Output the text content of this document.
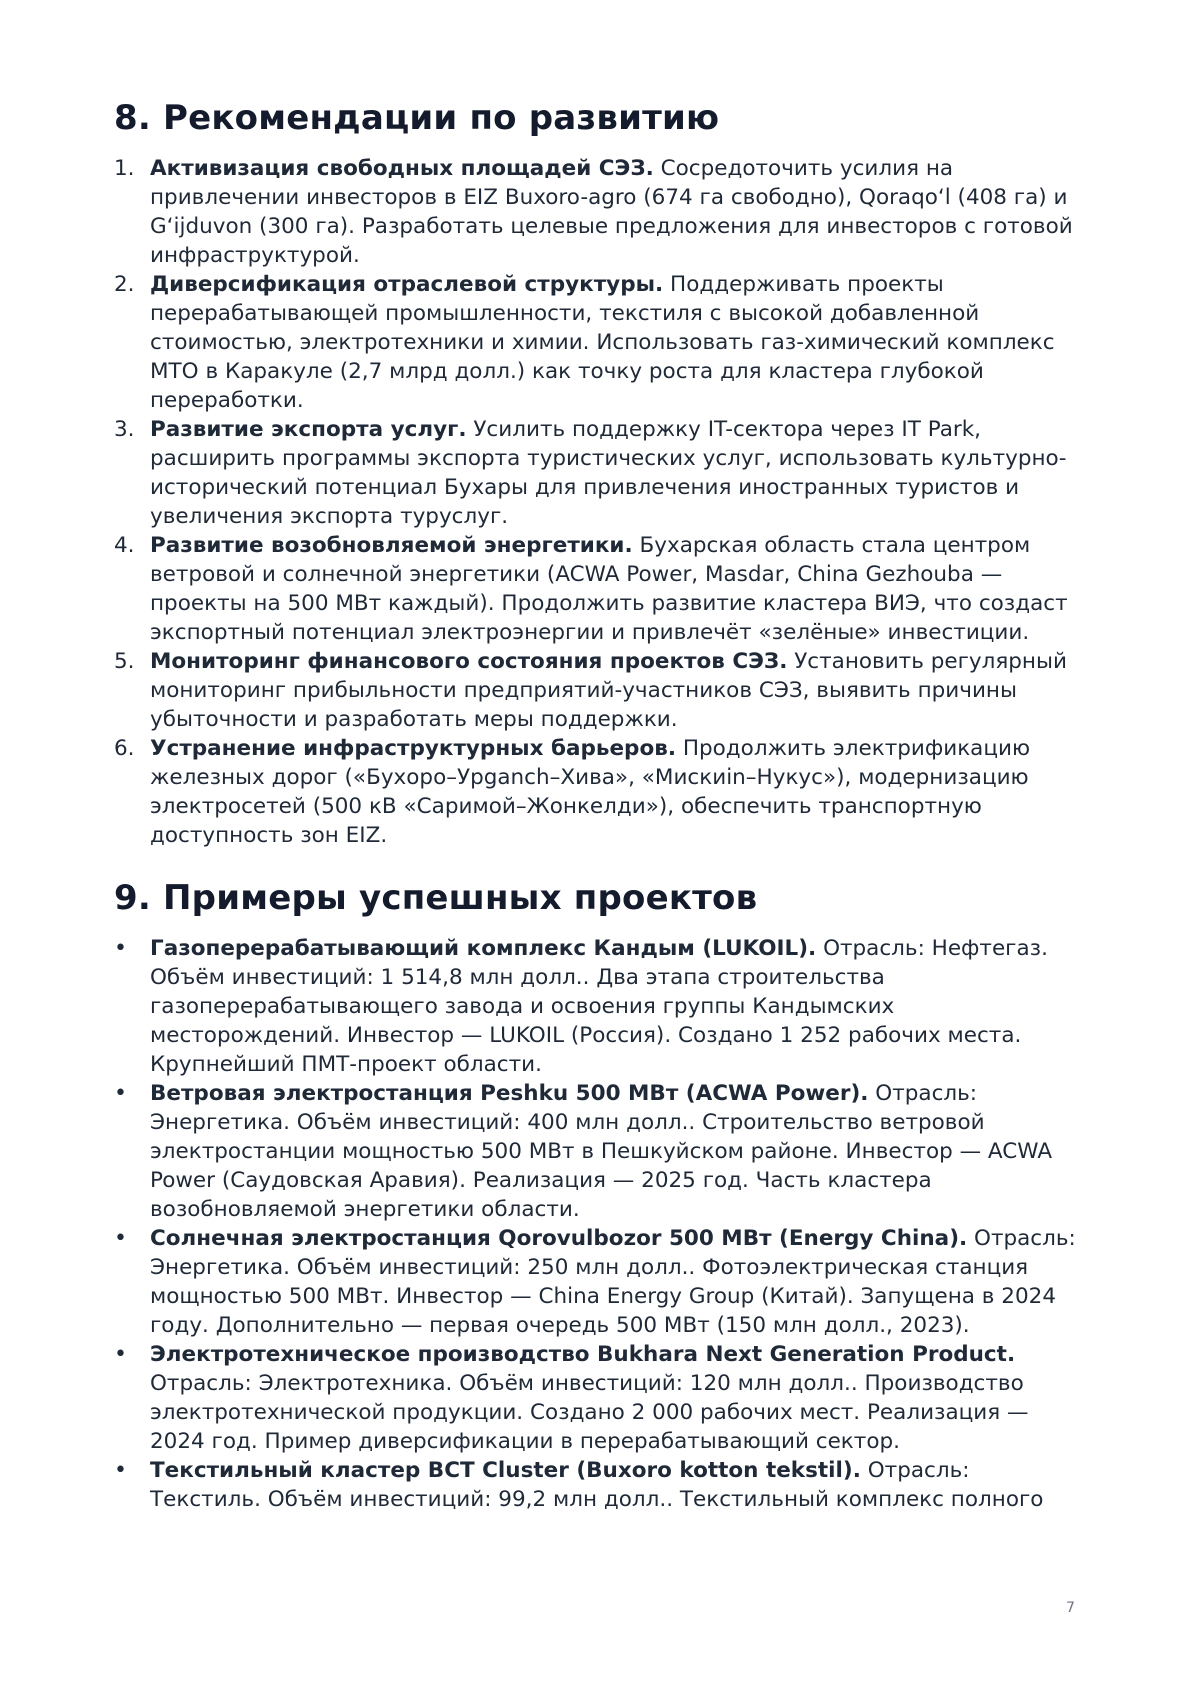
8. Рекомендации по развитию
1. Активизация свободных площадей СЭЗ. Сосредоточить усилия на привлечении инвесторов в EIZ Buxoro-agro (674 га свободно), Qoraqo‘l (408 га) и G‘ijduvon (300 га). Разработать целевые предложения для инвесторов с готовой инфраструктурой.
2. Диверсификация отраслевой структуры. Поддерживать проекты перерабатывающей промышленности, текстиля с высокой добавленной стоимостью, электротехники и химии. Использовать газ-химический комплекс МТО в Каракуле (2,7 млрд долл.) как точку роста для кластера глубокой переработки.
3. Развитие экспорта услуг. Усилить поддержку IT-сектора через IT Park, расширить программы экспорта туристических услуг, использовать культурно-исторический потенциал Бухары для привлечения иностранных туристов и увеличения экспорта туруслуг.
4. Развитие возобновляемой энергетики. Бухарская область стала центром ветровой и солнечной энергетики (ACWA Power, Masdar, China Gezhouba — проекты на 500 МВт каждый). Продолжить развитие кластера ВИЭ, что создаст экспортный потенциал электроэнергии и привлечёт «зелёные» инвестиции.
5. Мониторинг финансового состояния проектов СЭЗ. Установить регулярный мониторинг прибыльности предприятий-участников СЭЗ, выявить причины убыточности и разработать меры поддержки.
6. Устранение инфраструктурных барьеров. Продолжить электрификацию железных дорог («Бухоро–Урganch–Хива», «Мискиin–Нукус»), модернизацию электросетей (500 кВ «Саримой–Жонкелди»), обеспечить транспортную доступность зон EIZ.
9. Примеры успешных проектов
• Газоперерабатывающий комплекс Кандым (LUKOIL). Отрасль: Нефтегаз. Объём инвестиций: 1 514,8 млн долл.. Два этапа строительства газоперерабатывающего завода и освоения группы Кандымских месторождений. Инвестор — LUKOIL (Россия). Создано 1 252 рабочих места. Крупнейший ПМТ-проект области.
• Ветровая электростанция Peshku 500 МВт (ACWA Power). Отрасль: Энергетика. Объём инвестиций: 400 млн долл.. Строительство ветровой электростанции мощностью 500 МВт в Пешкуйском районе. Инвестор — ACWA Power (Саудовская Аравия). Реализация — 2025 год. Часть кластера возобновляемой энергетики области.
• Солнечная электростанция Qorovulbozor 500 МВт (Energy China). Отрасль: Энергетика. Объём инвестиций: 250 млн долл.. Фотоэлектрическая станция мощностью 500 МВт. Инвестор — China Energy Group (Китай). Запущена в 2024 году. Дополнительно — первая очередь 500 МВт (150 млн долл., 2023).
• Электротехническое производство Bukhara Next Generation Product. Отрасль: Электротехника. Объём инвестиций: 120 млн долл.. Производство электротехнической продукции. Создано 2 000 рабочих мест. Реализация — 2024 год. Пример диверсификации в перерабатывающий сектор.
• Текстильный кластер BCT Cluster (Buxoro kotton tekstil). Отрасль: Текстиль. Объём инвестиций: 99,2 млн долл.. Текстильный комплекс полного
7
